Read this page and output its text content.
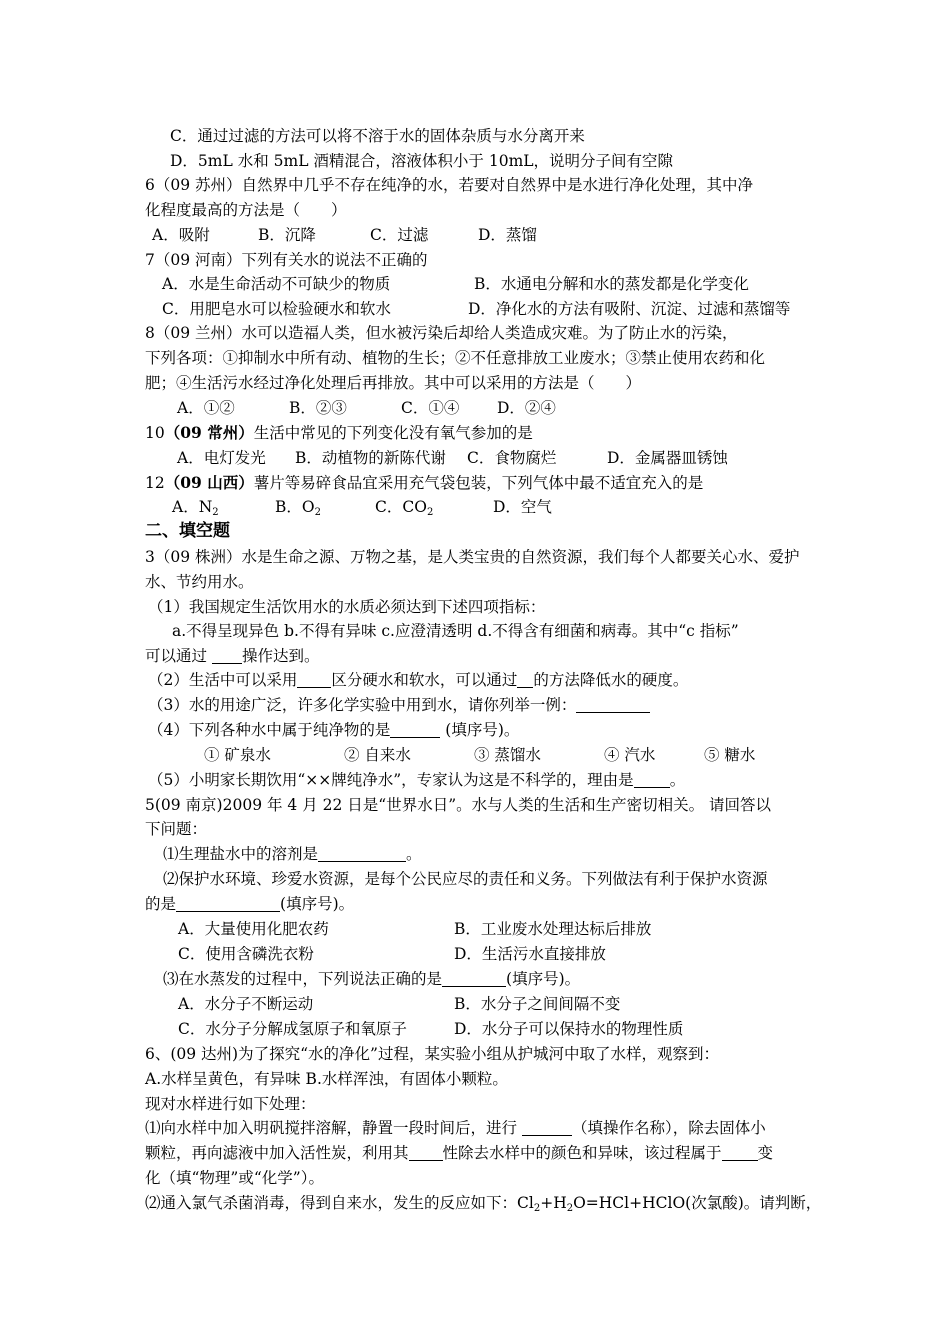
C．通过过滤的方法可以将不溶于水的固体杂质与水分离开来
D．5mL 水和 5mL 酒精混合，溶液体积小于 10mL，说明分子间有空隙
6（09 苏州）自然界中几乎不存在纯净的水，若要对自然界中是水进行净化处理，其中净
化程度最高的方法是（　　）
A．吸附	B．沉降	C．过滤	D．蒸馏
7（09 河南）下列有关水的说法不正确的
A．水是生命活动不可缺少的物质	B．水通电分解和水的蒸发都是化学变化
C．用肥皂水可以检验硬水和软水	D．净化水的方法有吸附、沉淀、过滤和蒸馏等
8（09 兰州）水可以造福人类，但水被污染后却给人类造成灾难。为了防止水的污染，
下列各项：①抑制水中所有动、植物的生长；②不任意排放工业废水；③禁止使用农药和化
肥；④生活污水经过净化处理后再排放。其中可以采用的方法是（　　）
A．①②	B．②③	C．①④ D．②④
10（09 常州）生活中常见的下列变化没有氧气参加的是
A．电灯发光 B．动植物的新陈代谢 C．食物腐烂	D．金属器皿锈蚀
12（09 山西）薯片等易碎食品宜采用充气袋包装，下列气体中最不适宜充入的是
A．$N_2$	B．$O_2$	C．$CO_2$	D．空气
二、填空题
3（09 株洲）水是生命之源、万物之基，是人类宝贵的自然资源，我们每个人都要关心水、爱护
水、节约用水。
（1）我国规定生活饮用水的水质必须达到下述四项指标：
a.不得呈现异色 b.不得有异味 c.应澄清透明 d.不得含有细菌和病毒。其中“c 指标”
可以通过 操作达到。
（2）生活中可以采用 区分硬水和软水，可以通过 的方法降低水的硬度。
（3）水的用途广泛，许多化学实验中用到水，请你列举一例：
（4）下列各种水中属于纯净物的是	(填序号)。
① 矿泉水	② 自来水	③ 蒸馏水	④ 汽水	⑤ 糖水
（5）小明家长期饮用“××牌纯净水”，专家认为这是不科学的，理由是 。
5(09 南京)2009 年 4 月 22 日是“世界水日”。水与人类的生活和生产密切相关。 请回答以
下问题：
⑴生理盐水中的溶剂是	。
⑵保护水环境、珍爱水资源，是每个公民应尽的责任和义务。下列做法有利于保护水资源
的是	(填序号)。
A．大量使用化肥农药	B．工业废水处理达标后排放
C．使用含磷洗衣粉	D．生活污水直接排放
⑶在水蒸发的过程中，下列说法正确的是	(填序号)。
A．水分子不断运动	B．水分子之间间隔不变
C．水分子分解成氢原子和氧原子	D．水分子可以保持水的物理性质
6、(09 达州)为了探究“水的净化”过程，某实验小组从护城河中取了水样，观察到：
A.水样呈黄色，有异味 B.水样浑浊，有固体小颗粒。
现对水样进行如下处理：
⑴向水样中加入明矾搅拌溶解，静置一段时间后，进行	（填操作名称），除去固体小
颗粒，再向滤液中加入活性炭，利用其 性除去水样中的颜色和异味，该过程属于 变
化（填“物理”或“化学”）。
⑵通入氯气杀菌消毒，得到自来水，发生的反应如下：$Cl_2+H_2O=HCl+HClO$(次氯酸)。请判断，
